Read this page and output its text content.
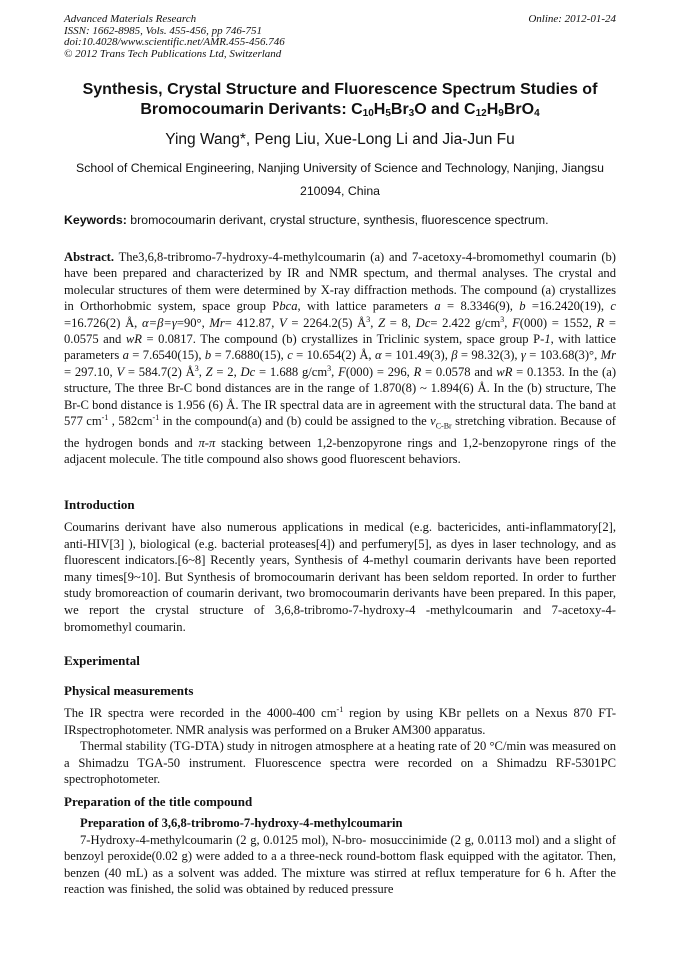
Advanced Materials Research
ISSN: 1662-8985, Vols. 455-456, pp 746-751
doi:10.4028/www.scientific.net/AMR.455-456.746
© 2012 Trans Tech Publications Ltd, Switzerland
Online: 2012-01-24
Synthesis, Crystal Structure and Fluorescence Spectrum Studies of
Bromocoumarin Derivants: $C_{10}H_5Br_3O$ and $C_{12}H_9BrO_4$
Ying Wang*, Peng Liu, Xue-Long Li and Jia-Jun Fu
School of Chemical Engineering, Nanjing University of Science and Technology, Nanjing, Jiangsu
210094, China
Keywords: bromocoumarin derivant, crystal structure, synthesis, fluorescence spectrum.
Abstract. The3,6,8-tribromo-7-hydroxy-4-methylcoumarin (a) and 7-acetoxy-4-bromomethyl coumarin (b) have been prepared and characterized by IR and NMR spectum, and thermal analyses. The crystal and molecular structures of them were determined by X-ray diffraction methods. The compound (a) crystallizes in Orthorhobmic system, space group Pbca, with lattice parameters a = 8.3346(9), b =16.2420(19), c =16.726(2) Å, α=β=γ=90°, Mr= 412.87, V = 2264.2(5) $Å^3$, Z = 8, Dc= 2.422 $g/cm^3$, F(000) = 1552, R = 0.0575 and wR = 0.0817. The compound (b) crystallizes in Triclinic system, space group P-1, with lattice parameters a = 7.6540(15), b = 7.6880(15), c = 10.654(2) Å, α = 101.49(3), β = 98.32(3), γ = 103.68(3)°, Mr = 297.10, V = 584.7(2) $Å^3$, Z = 2, Dc = 1.688 $g/cm^3$, F(000) = 296, R = 0.0578 and wR = 0.1353. In the (a) structure, The three Br-C bond distances are in the range of 1.870(8) ~ 1.894(6) Å. In the (b) structure, The Br-C bond distance is 1.956 (6) Å. The IR spectral data are in agreement with the structural data. The band at 577 $cm^{-1}$ , $582cm^{-1}$ in the compound(a) and (b) could be assigned to the $\nu_{C-Br}$ stretching vibration. Because of the hydrogen bonds and π-π stacking between 1,2-benzopyrone rings and 1,2-benzopyrone rings of the adjacent molecule. The title compound also shows good fluorescent behaviors.
Introduction
Coumarins derivant have also numerous applications in medical (e.g. bactericides, anti-inflammatory[2], anti-HIV[3] ), biological (e.g. bacterial proteases[4]) and perfumery[5], as dyes in laser technology, and as fluorescent indicators.[6~8] Recently years, Synthesis of 4-methyl coumarin derivants have been reported many times[9~10]. But Synthesis of bromocoumarin derivant has been seldom reported. In order to further study bromoreaction of coumarin derivant, two bromocoumarin derivants have been prepared. In this paper, we report the crystal structure of 3,6,8-tribromo-7-hydroxy-4 -methylcoumarin and 7-acetoxy-4-bromomethyl coumarin.
Experimental
Physical measurements
The IR spectra were recorded in the 4000-400 $cm^{-1}$ region by using KBr pellets on a Nexus 870 FT-IRspectrophotometer. NMR analysis was performed on a Bruker AM300 apparatus.
Thermal stability (TG-DTA) study in nitrogen atmosphere at a heating rate of 20 °C/min was measured on a Shimadzu TGA-50 instrument. Fluorescence spectra were recorded on a Shimadzu RF-5301PC spectrophotometer.
Preparation of the title compound
Preparation of 3,6,8-tribromo-7-hydroxy-4-methylcoumarin
7-Hydroxy-4-methylcoumarin (2 g, 0.0125 mol), N-bro- mosuccinimide (2 g, 0.0113 mol) and a slight of benzoyl peroxide(0.02 g) were added to a a three-neck round-bottom flask equipped with the agitator. Then, benzen (40 mL) as a solvent was added. The mixture was stirred at reflux temperature for 6 h. After the reaction was finished, the solid was obtained by reduced pressure
